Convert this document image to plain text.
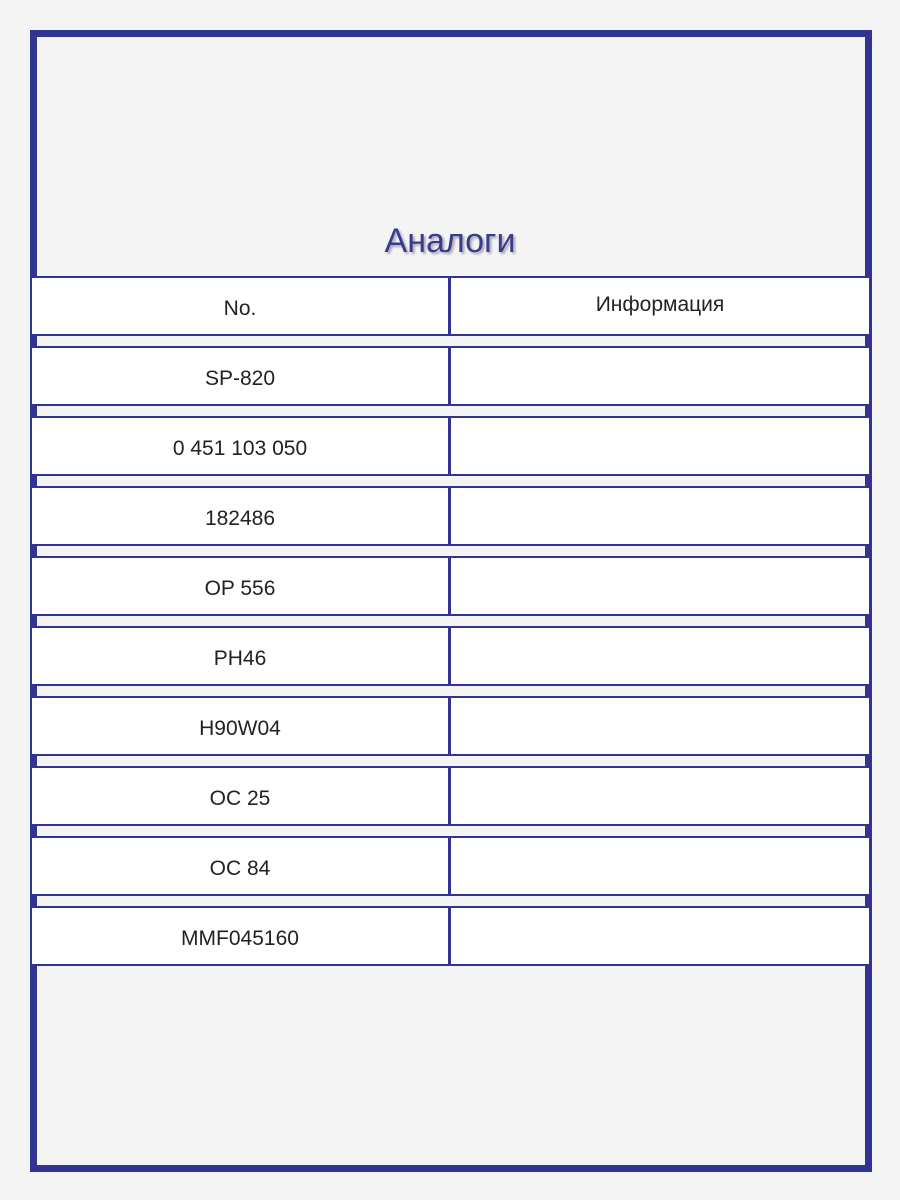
Аналоги
No.	Информация
SP-820
0 451 103 050
182486
OP 556
PH46
H90W04
OC 25
OC 84
MMF045160
